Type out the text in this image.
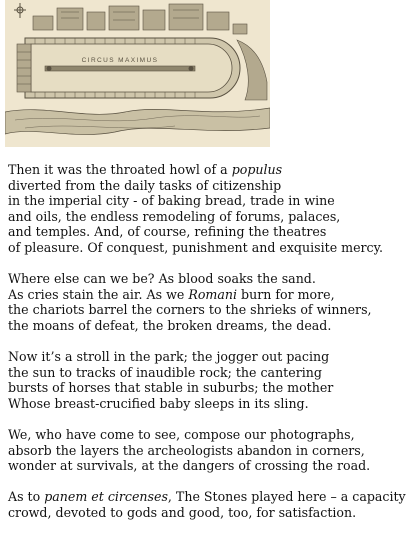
CIRCUS MAXIMUS
Then it was the throated howl of a populus
diverted from the daily tasks of citizenship
in the imperial city - of baking bread, trade in wine
and oils, the endless remodeling of forums, palaces,
and temples. And, of course, refining the theatres
of pleasure. Of conquest, punishment and exquisite mercy.
Where else can we be? As blood soaks the sand.
As cries stain the air. As we Romani burn for more,
the chariots barrel the corners to the shrieks of winners,
the moans of defeat, the broken dreams, the dead.
Now it’s a stroll in the park; the jogger out pacing
the sun to tracks of inaudible rock; the cantering
bursts of horses that stable in suburbs; the mother
Whose breast-crucified baby sleeps in its sling.
We, who have come to see, compose our photographs,
absorb the layers the archeologists abandon in corners,
wonder at survivals, at the dangers of crossing the road.
As to panem et circenses, The Stones played here – a capacity
crowd, devoted to gods and good, too, for satisfaction.
